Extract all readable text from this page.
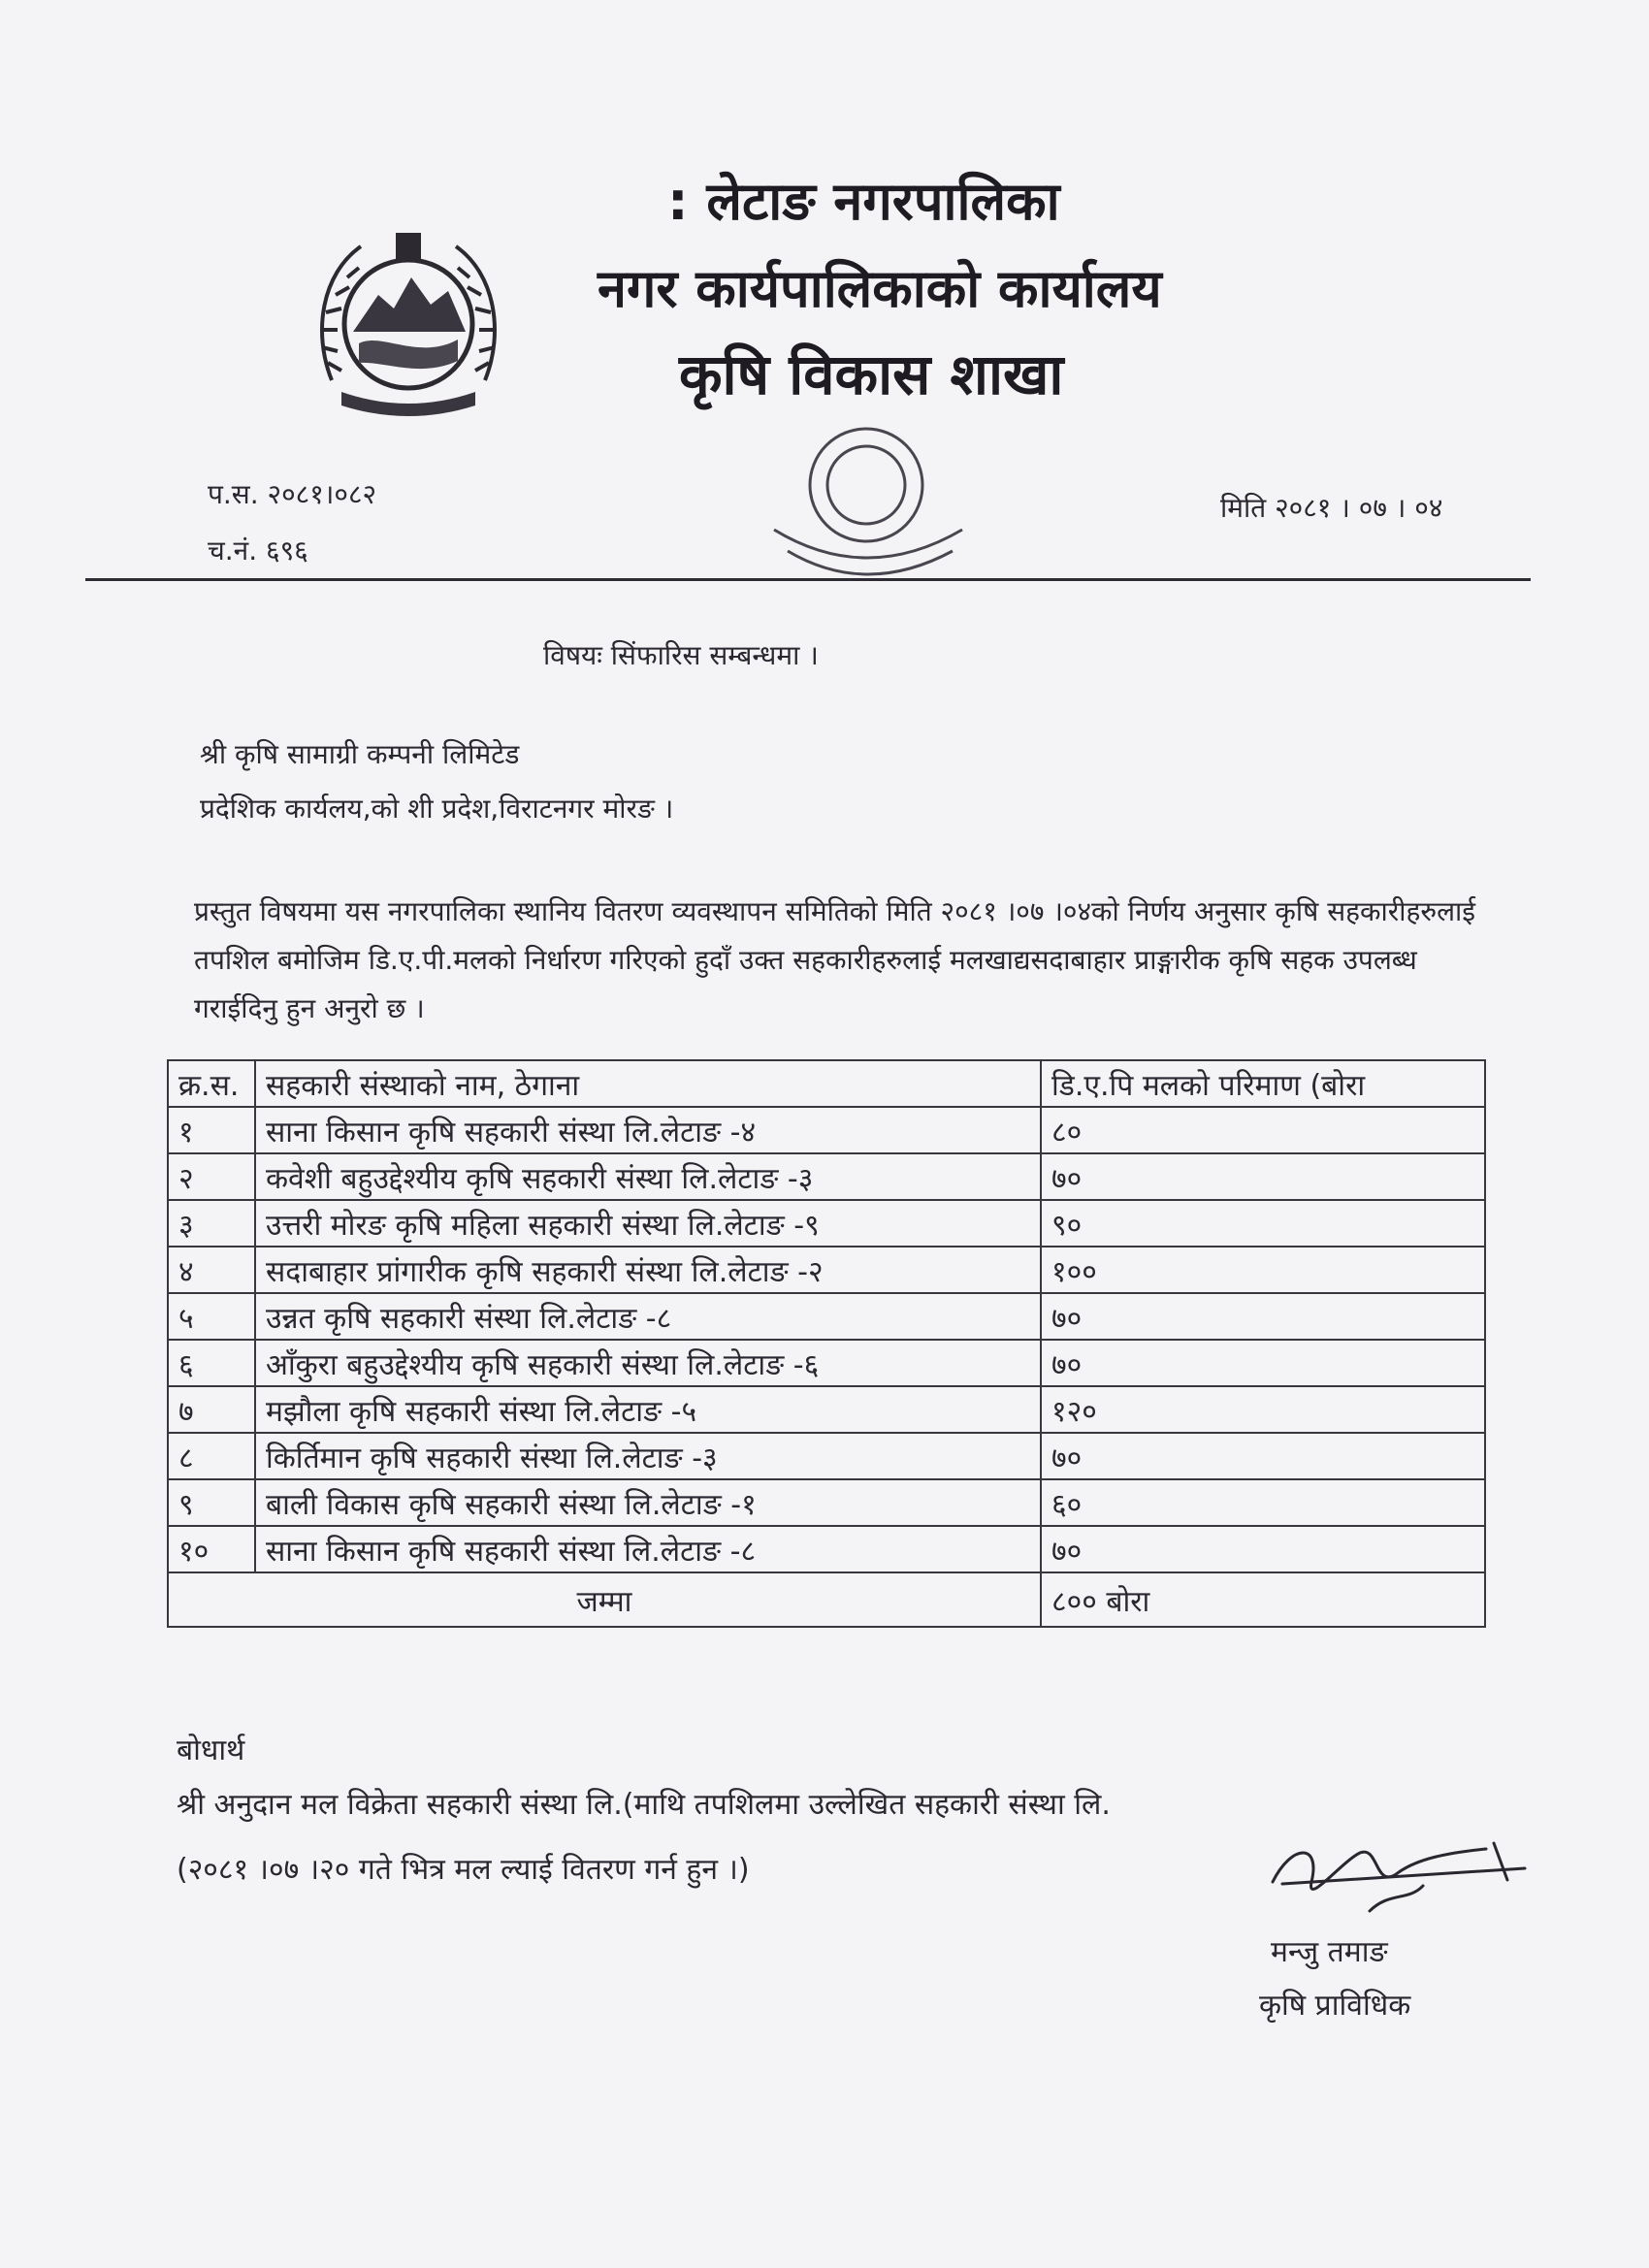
: लेटाङ नगरपालिका
नगर कार्यपालिकाको कार्यालय
कृषि विकास शाखा
प.स. २०८१।०८२
च.नं. ६९६
मिति २०८१ । ०७ । ०४
विषयः सिंफारिस सम्बन्धमा ।
श्री कृषि सामाग्री कम्पनी लिमिटेड
प्रदेशिक कार्यलय,को शी प्रदेश,विराटनगर मोरङ ।
प्रस्तुत विषयमा यस नगरपालिका स्थानिय वितरण व्यवस्थापन समितिको मिति २०८१ ।०७ ।०४को निर्णय अनुसार कृषि सहकारीहरुलाई तपशिल बमोजिम डि.ए.पी.मलको निर्धारण गरिएको हुदाँ उक्त सहकारीहरुलाई मलखाद्यसदाबाहार प्राङ्गारीक कृषि सहक उपलब्ध गराईदिनु हुन अनुरो छ ।
क्र.स.	सहकारी संस्थाको नाम, ठेगाना	डि.ए.पि मलको परिमाण (बोरा
१	साना किसान कृषि सहकारी संस्था लि.लेटाङ -४	८०
२	कवेशी बहुउद्देश्यीय कृषि सहकारी संस्था लि.लेटाङ -३	७०
३	उत्तरी मोरङ कृषि महिला सहकारी संस्था लि.लेटाङ -९	९०
४	सदाबाहार प्रांगारीक कृषि सहकारी संस्था लि.लेटाङ -२	१००
५	उन्नत कृषि सहकारी संस्था लि.लेटाङ -८	७०
६	आँकुरा बहुउद्देश्यीय कृषि सहकारी संस्था लि.लेटाङ -६	७०
७	मझौला कृषि सहकारी संस्था लि.लेटाङ -५	१२०
८	किर्तिमान कृषि सहकारी संस्था लि.लेटाङ -३	७०
९	बाली विकास कृषि सहकारी संस्था लि.लेटाङ -१	६०
१०	साना किसान कृषि सहकारी संस्था लि.लेटाङ -८	७०
जम्मा		८०० बोरा
बोधार्थ
श्री अनुदान मल विक्रेता सहकारी संस्था लि.(माथि तपशिलमा उल्लेखित सहकारी संस्था लि.
(२०८१ ।०७ ।२० गते भित्र मल ल्याई वितरण गर्न हुन ।)
मन्जु तमाङ
कृषि प्राविधिक
